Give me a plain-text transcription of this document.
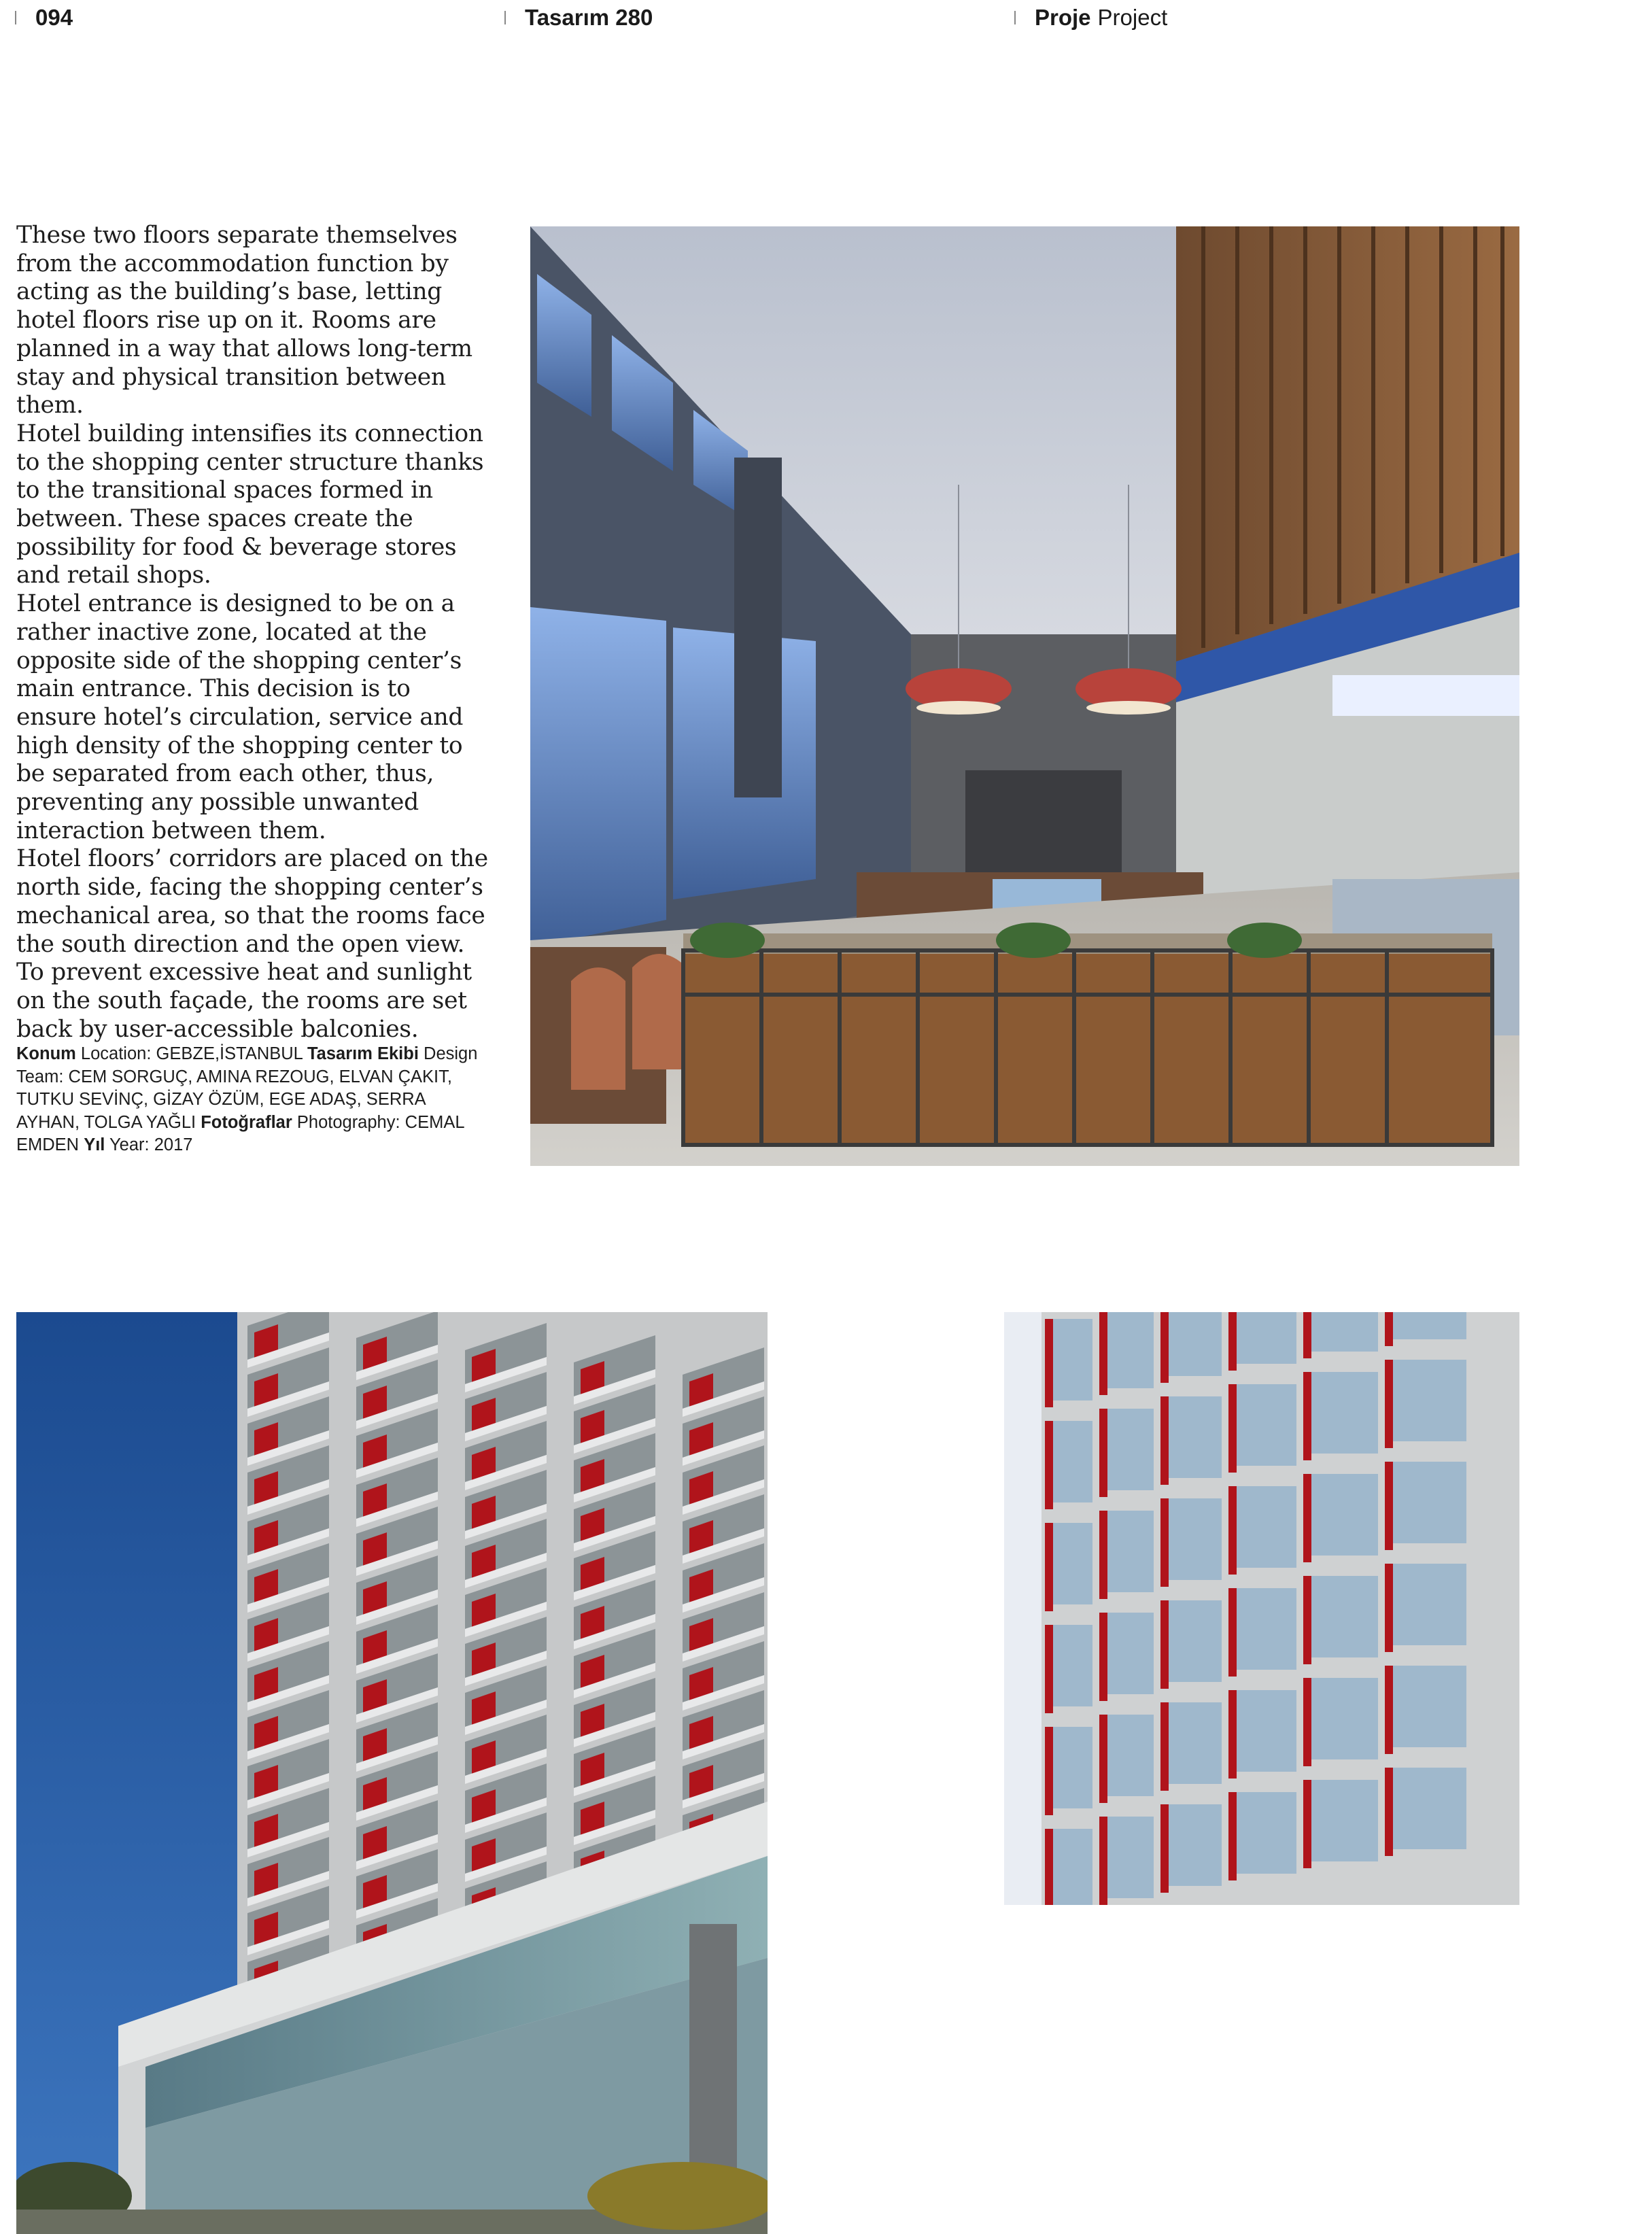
094	Tasarım 280	Proje Project

These two floors separate themselves from the accommodation function by acting as the building’s base, letting hotel floors rise up on it. Rooms are planned in a way that allows long-term stay and physical transition between them.

Hotel building intensifies its connection to the shopping center structure thanks to the transitional spaces formed in between. These spaces create the possibility for food & beverage stores and retail shops.

Hotel entrance is designed to be on a rather inactive zone, located at the opposite side of the shopping center’s main entrance. This decision is to ensure hotel’s circulation, service and high density of the shopping center to be separated from each other, thus, preventing any possible unwanted interaction between them.

Hotel floors’ corridors are placed on the north side, facing the shopping center’s mechanical area, so that the rooms face the south direction and the open view. To prevent excessive heat and sunlight on the south façade, the rooms are set back by user-accessible balconies.

Konum Location: GEBZE,İSTANBUL Tasarım Ekibi Design Team: CEM SORGUÇ, AMINA REZOUG, ELVAN ÇAKIT, TUTKU SEVİNÇ, GİZAY ÖZÜM, EGE ADAŞ, SERRA AYHAN, TOLGA YAĞLI Fotoğraflar Photography: CEMAL EMDEN Yıl Year: 2017
